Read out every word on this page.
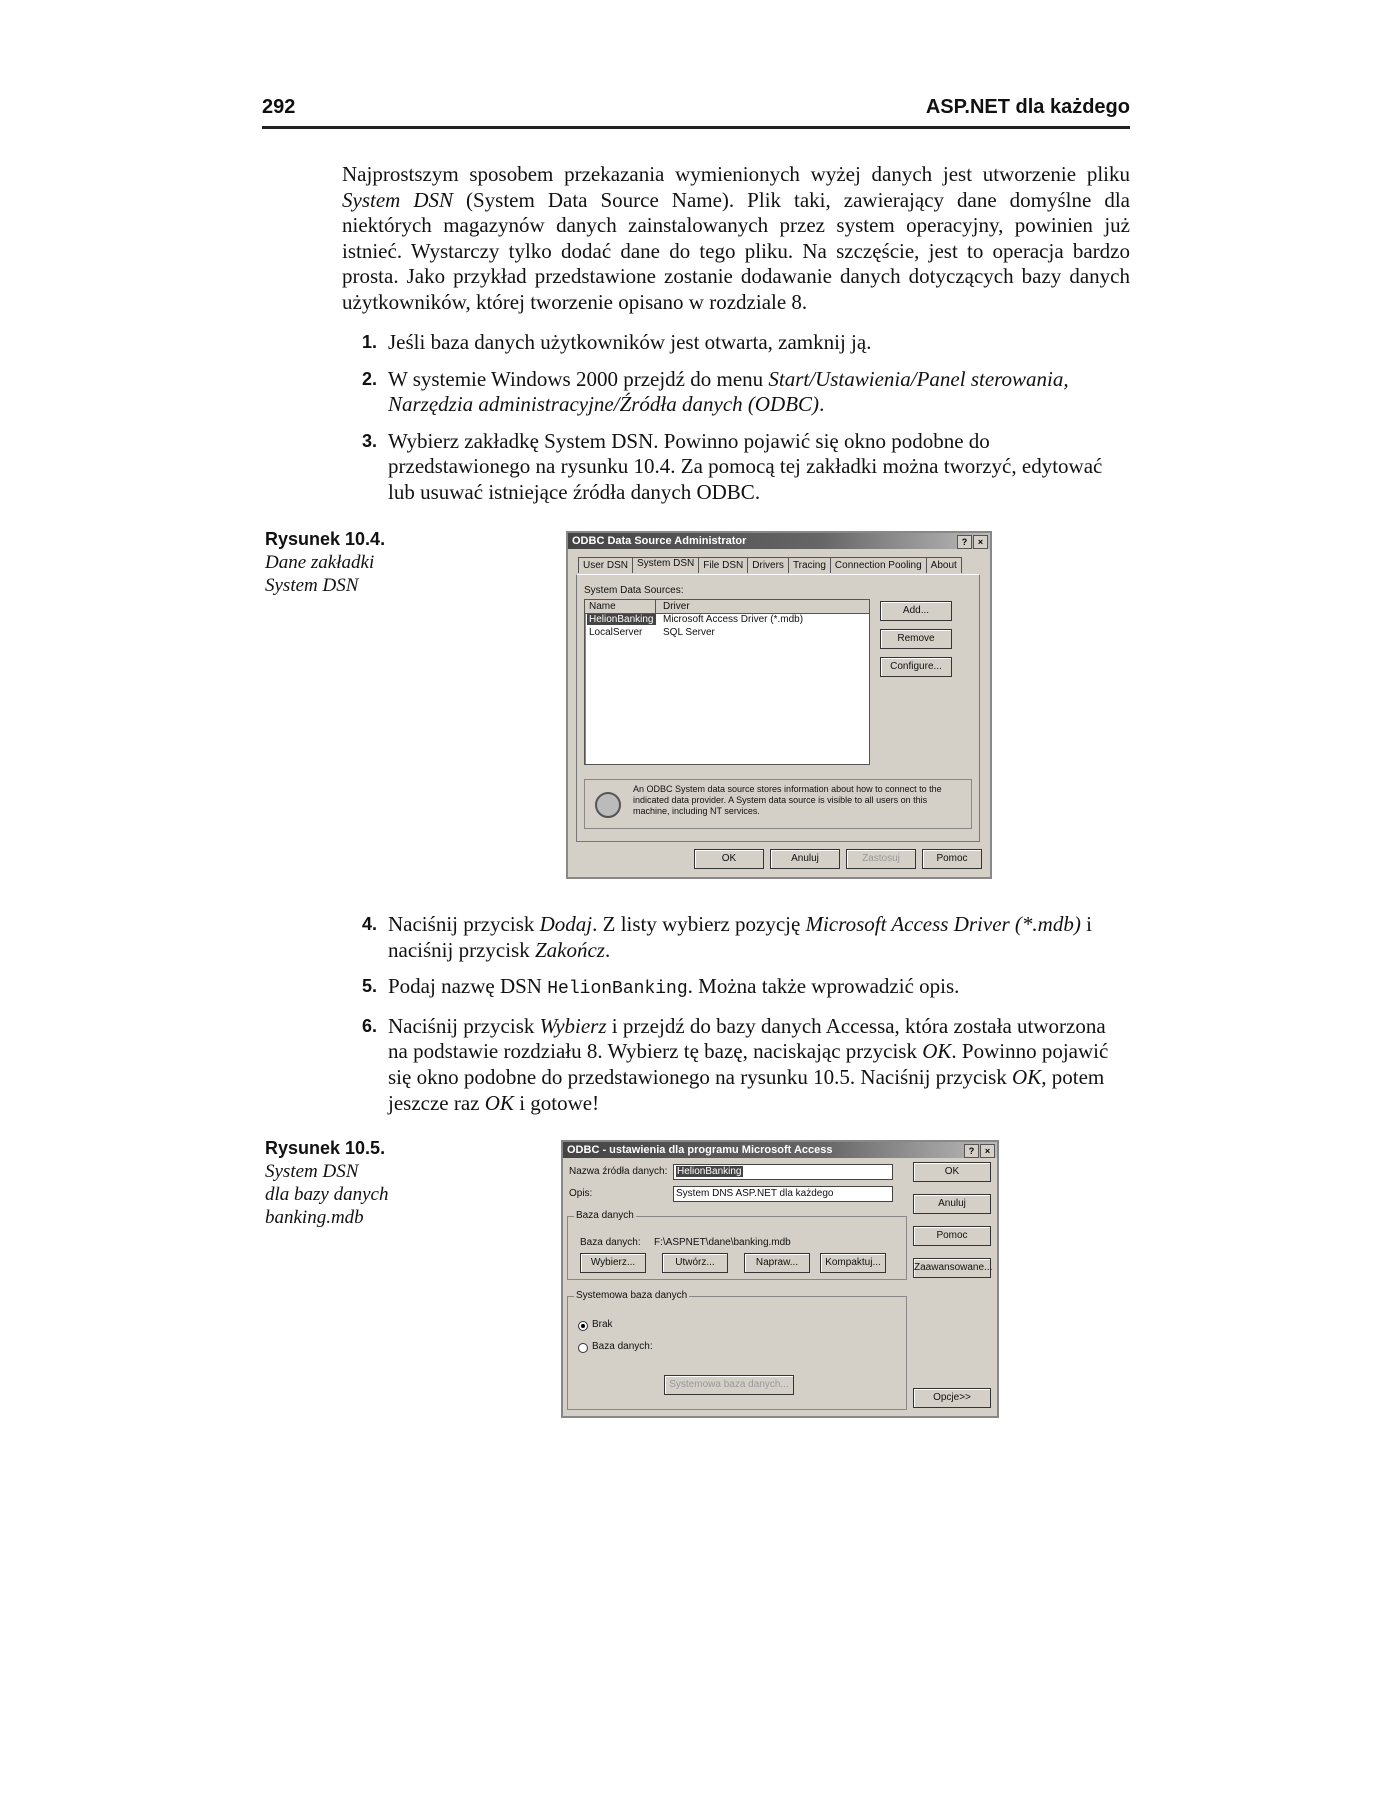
292	ASP.NET dla każdego
Najprostszym sposobem przekazania wymienionych wyżej danych jest utworzenie pliku System DSN (System Data Source Name). Plik taki, zawierający dane domyślne dla niektórych magazynów danych zainstalowanych przez system operacyjny, powinien już istnieć. Wystarczy tylko dodać dane do tego pliku. Na szczęście, jest to operacja bardzo prosta. Jako przykład przedstawione zostanie dodawanie danych dotyczących bazy danych użytkowników, której tworzenie opisano w rozdziale 8.
1. Jeśli baza danych użytkowników jest otwarta, zamknij ją.
2. W systemie Windows 2000 przejdź do menu Start/Ustawienia/Panel sterowania, Narzędzia administracyjne/Źródła danych (ODBC).
3. Wybierz zakładkę System DSN. Powinno pojawić się okno podobne do przedstawionego na rysunku 10.4. Za pomocą tej zakładki można tworzyć, edytować lub usuwać istniejące źródła danych ODBC.
Rysunek 10.4.
Dane zakładki
System DSN
ODBC Data Source Administrator	? ×
User DSN System DSN File DSN Drivers Tracing Connection Pooling About
System Data Sources:
Name	Driver
HelionBanking Microsoft Access Driver (*.mdb)
LocalServer SQL Server
Add...
Remove
Configure...
An ODBC System data source stores information about how to connect to the indicated data provider. A System data source is visible to all users on this machine, including NT services.
OK	Anuluj	Zastosuj	Pomoc
4. Naciśnij przycisk Dodaj. Z listy wybierz pozycję Microsoft Access Driver (*.mdb) i naciśnij przycisk Zakończ.
5. Podaj nazwę DSN HelionBanking. Można także wprowadzić opis.
6. Naciśnij przycisk Wybierz i przejdź do bazy danych Accessa, która została utworzona na podstawie rozdziału 8. Wybierz tę bazę, naciskając przycisk OK. Powinno pojawić się okno podobne do przedstawionego na rysunku 10.5. Naciśnij przycisk OK, potem jeszcze raz OK i gotowe!
Rysunek 10.5.
System DSN
dla bazy danych
banking.mdb
ODBC - ustawienia dla programu Microsoft Access	? ×
Nazwa źródła danych: HelionBanking
Opis:	System DNS ASP.NET dla każdego
Baza danych
Baza danych: F:\ASPNET\dane\banking.mdb
Wybierz...	Utwórz...	Napraw...	Kompaktuj...
Systemowa baza danych
Brak
Baza danych:
Systemowa baza danych...
OK
Anuluj
Pomoc
Zaawansowane...
Opcje>>
